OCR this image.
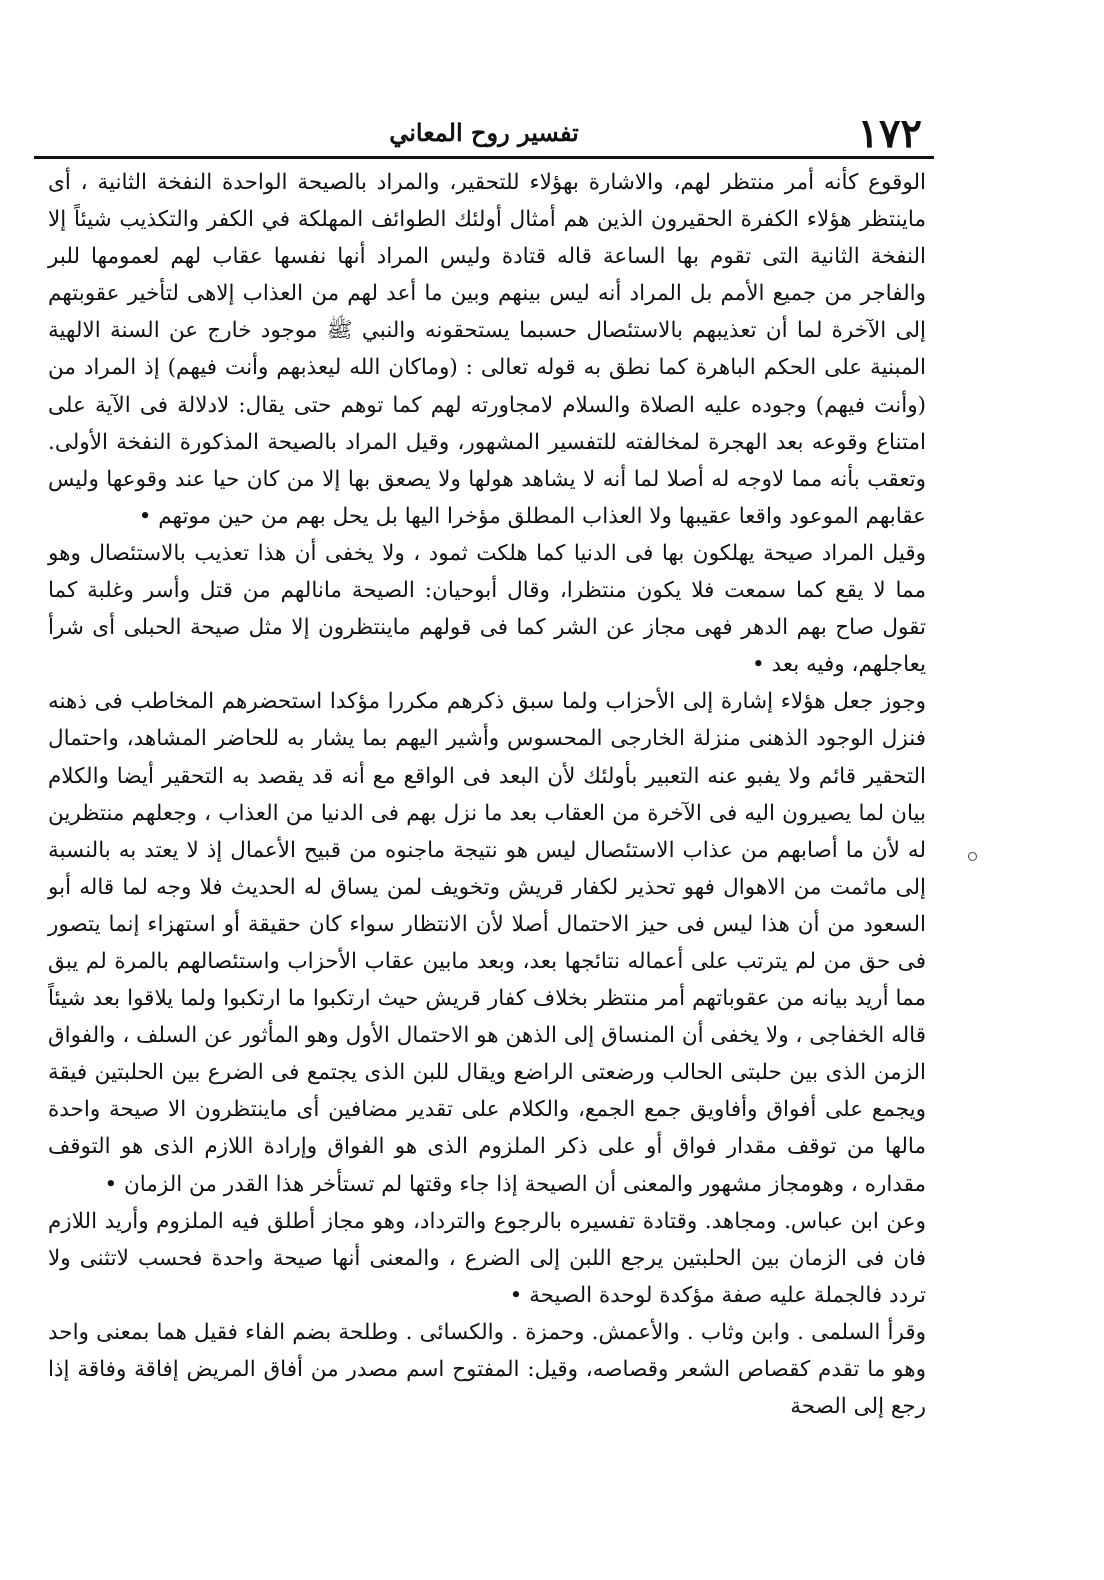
١٧٢
تفسير روح المعاني

الوقوع كأنه أمر منتظر لهم، والاشارة بهؤلاء للتحقير، والمراد بالصيحة الواحدة النفخة الثانية ، أى ماينتظر هؤلاء الكفرة الحقيرون الذين هم أمثال أولئك الطوائف المهلكة في الكفر والتكذيب شيئاً إلا النفخة الثانية التى تقوم بها الساعة قاله قتادة وليس المراد أنها نفسها عقاب لهم لعمومها للبر والفاجر من جميع الأمم بل المراد أنه ليس بينهم وبين ما أعد لهم من العذاب إلاهى لتأخير عقوبتهم إلى الآخرة لما أن تعذيبهم بالاستئصال حسبما يستحقونه والنبي ﷺ موجود خارج عن السنة الالهية المبنية على الحكم الباهرة كما نطق به قوله تعالى : (وماكان الله ليعذبهم وأنت فيهم) إذ المراد من (وأنت فيهم) وجوده عليه الصلاة والسلام لامجاورته لهم كما توهم حتى يقال: لادلالة فى الآية على امتناع وقوعه بعد الهجرة لمخالفته للتفسير المشهور، وقيل المراد بالصيحة المذكورة النفخة الأولى. وتعقب بأنه مما لاوجه له أصلا لما أنه لا يشاهد هولها ولا يصعق بها إلا من كان حيا عند وقوعها وليس عقابهم الموعود واقعا عقيبها ولا العذاب المطلق مؤخرا اليها بل يحل بهم من حين موتهم ‌•

وقيل المراد صيحة يهلكون بها فى الدنيا كما هلكت ثمود ، ولا يخفى أن هذا تعذيب بالاستئصال وهو مما لا يقع كما سمعت فلا يكون منتظرا، وقال أبوحيان: الصيحة مانالهم من قتل وأسر وغلبة كما تقول صاح بهم الدهر فهى مجاز عن الشر كما فى قولهم ماينتظرون إلا مثل صيحة الحبلى أى شرأ يعاجلهم، وفيه بعد ‌•

وجوز جعل هؤلاء إشارة إلى الأحزاب ولما سبق ذكرهم مكررا مؤكدا استحضرهم المخاطب فى ذهنه فنزل الوجود الذهنى منزلة الخارجى المحسوس وأشير اليهم بما يشار به للحاضر المشاهد، واحتمال التحقير قائم ولا يفبو عنه التعبير بأولئك لأن البعد فى الواقع مع أنه قد يقصد به التحقير أيضا والكلام بيان لما يصيرون اليه فى الآخرة من العقاب بعد ما نزل بهم فى الدنيا من العذاب ، وجعلهم منتظرين له لأن ما أصابهم من عذاب الاستئصال ليس هو نتيجة ماجنوه من قبيح الأعمال إذ لا يعتد به بالنسبة إلى ماثمت من الاهوال فهو تحذير لكفار قريش وتخويف لمن يساق له الحديث فلا وجه لما قاله أبو السعود من أن هذا ليس فى حيز الاحتمال أصلا لأن الانتظار سواء كان حقيقة أو استهزاء إنما يتصور فى حق من لم يترتب على أعماله نتائجها بعد، وبعد مابين عقاب الأحزاب واستئصالهم بالمرة لم يبق مما أريد بيانه من عقوباتهم أمر منتظر بخلاف كفار قريش حيث ارتكبوا ما ارتكبوا ولما يلاقوا بعد شيئاً قاله الخفاجى ، ولا يخفى أن المنساق إلى الذهن هو الاحتمال الأول وهو المأثور عن السلف ، والفواق الزمن الذى بين حلبتى الحالب ورضعتى الراضع ويقال للبن الذى يجتمع فى الضرع بين الحلبتين فيقة ويجمع على أفواق وأفاويق جمع الجمع، والكلام على تقدير مضافين أى ماينتظرون الا صيحة واحدة مالها من توقف مقدار فواق أو على ذكر الملزوم الذى هو الفواق وإرادة اللازم الذى هو التوقف مقداره ، وهومجاز مشهور والمعنى أن الصيحة إذا جاء وقتها لم تستأخر هذا القدر من الزمان ‌•

وعن ابن عباس. ومجاهد. وقتادة تفسيره بالرجوع والترداد، وهو مجاز أطلق فيه الملزوم وأريد اللازم فان فى الزمان بين الحلبتين يرجع اللبن إلى الضرع ، والمعنى أنها صيحة واحدة فحسب لاتثنى ولا تردد فالجملة عليه صفة مؤكدة لوحدة الصيحة ‌•

وقرأ السلمى . وابن وثاب . والأعمش. وحمزة . والكسائى . وطلحة بضم الفاء فقيل هما بمعنى واحد وهو ما تقدم كقصاص الشعر وقصاصه، وقيل: المفتوح اسم مصدر من أفاق المريض إفاقة وفاقة إذا رجع إلى الصحة
